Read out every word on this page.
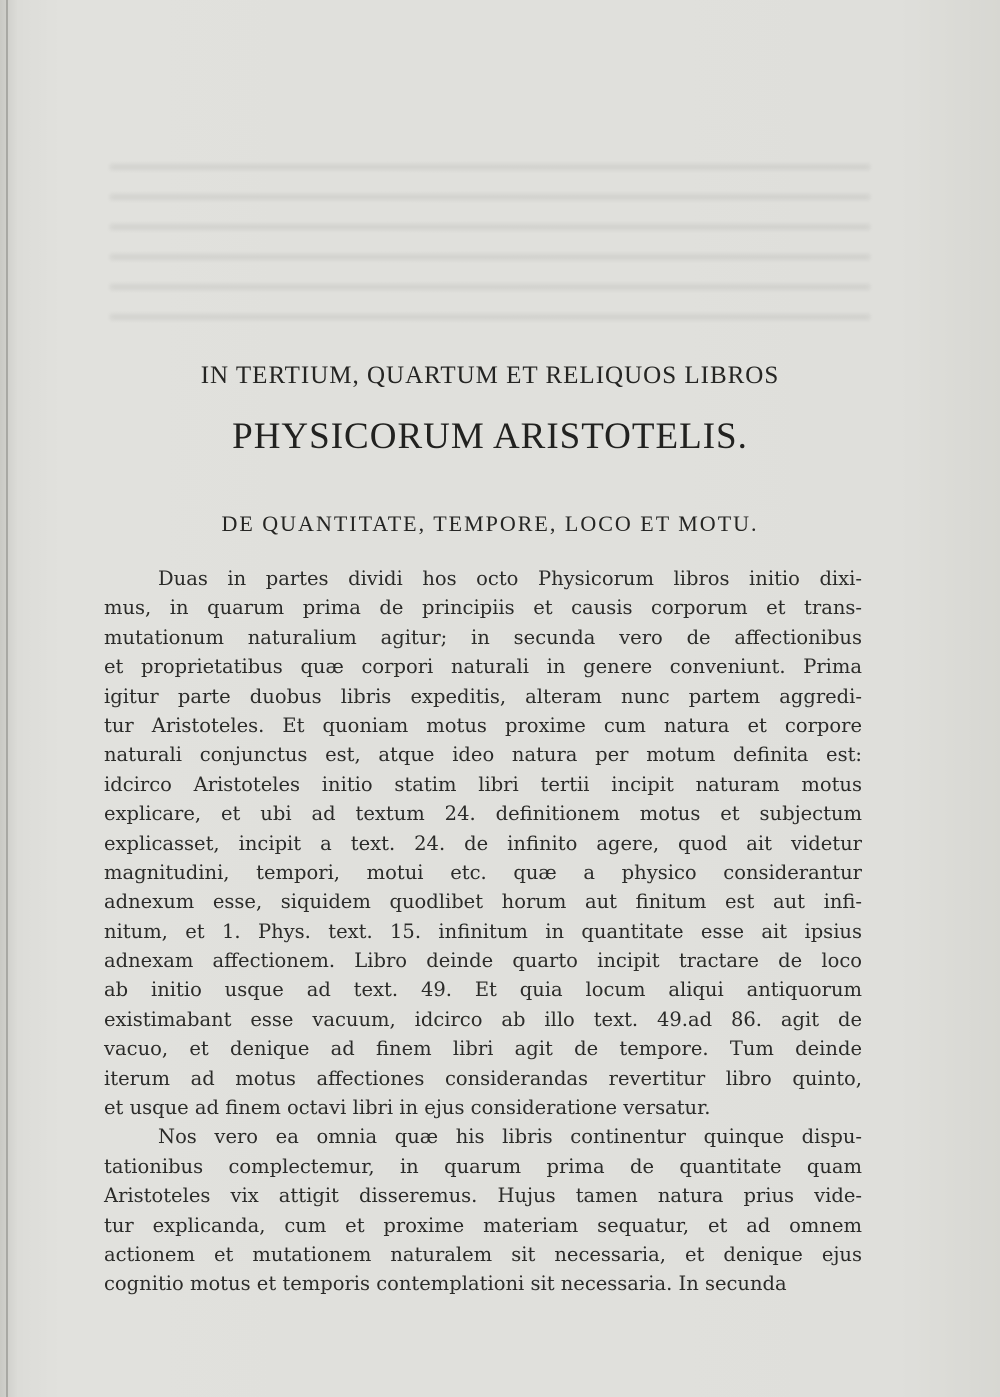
IN TERTIUM, QUARTUM ET RELIQUOS LIBROS
PHYSICORUM ARISTOTELIS.
DE QUANTITATE, TEMPORE, LOCO ET MOTU.
Duas in partes dividi hos octo Physicorum libros initio dixi-
mus, in quarum prima de principiis et causis corporum et trans-
mutationum naturalium agitur; in secunda vero de affectionibus
et proprietatibus quæ corpori naturali in genere conveniunt. Prima
igitur parte duobus libris expeditis, alteram nunc partem aggredi-
tur Aristoteles. Et quoniam motus proxime cum natura et corpore
naturali conjunctus est, atque ideo natura per motum definita est:
idcirco Aristoteles initio statim libri tertii incipit naturam motus
explicare, et ubi ad textum 24. definitionem motus et subjectum
explicasset, incipit a text. 24. de infinito agere, quod ait videtur
magnitudini, tempori, motui etc. quæ a physico considerantur
adnexum esse, siquidem quodlibet horum aut finitum est aut infi-
nitum, et 1. Phys. text. 15. infinitum in quantitate esse ait ipsius
adnexam affectionem. Libro deinde quarto incipit tractare de loco
ab initio usque ad text. 49. Et quia locum aliqui antiquorum
existimabant esse vacuum, idcirco ab illo text. 49.ad 86. agit de
vacuo, et denique ad finem libri agit de tempore. Tum deinde
iterum ad motus affectiones considerandas revertitur libro quinto,
et usque ad finem octavi libri in ejus consideratione versatur.
Nos vero ea omnia quæ his libris continentur quinque dispu-
tationibus complectemur, in quarum prima de quantitate quam
Aristoteles vix attigit disseremus. Hujus tamen natura prius vide-
tur explicanda, cum et proxime materiam sequatur, et ad omnem
actionem et mutationem naturalem sit necessaria, et denique ejus
cognitio motus et temporis contemplationi sit necessaria. In secunda
